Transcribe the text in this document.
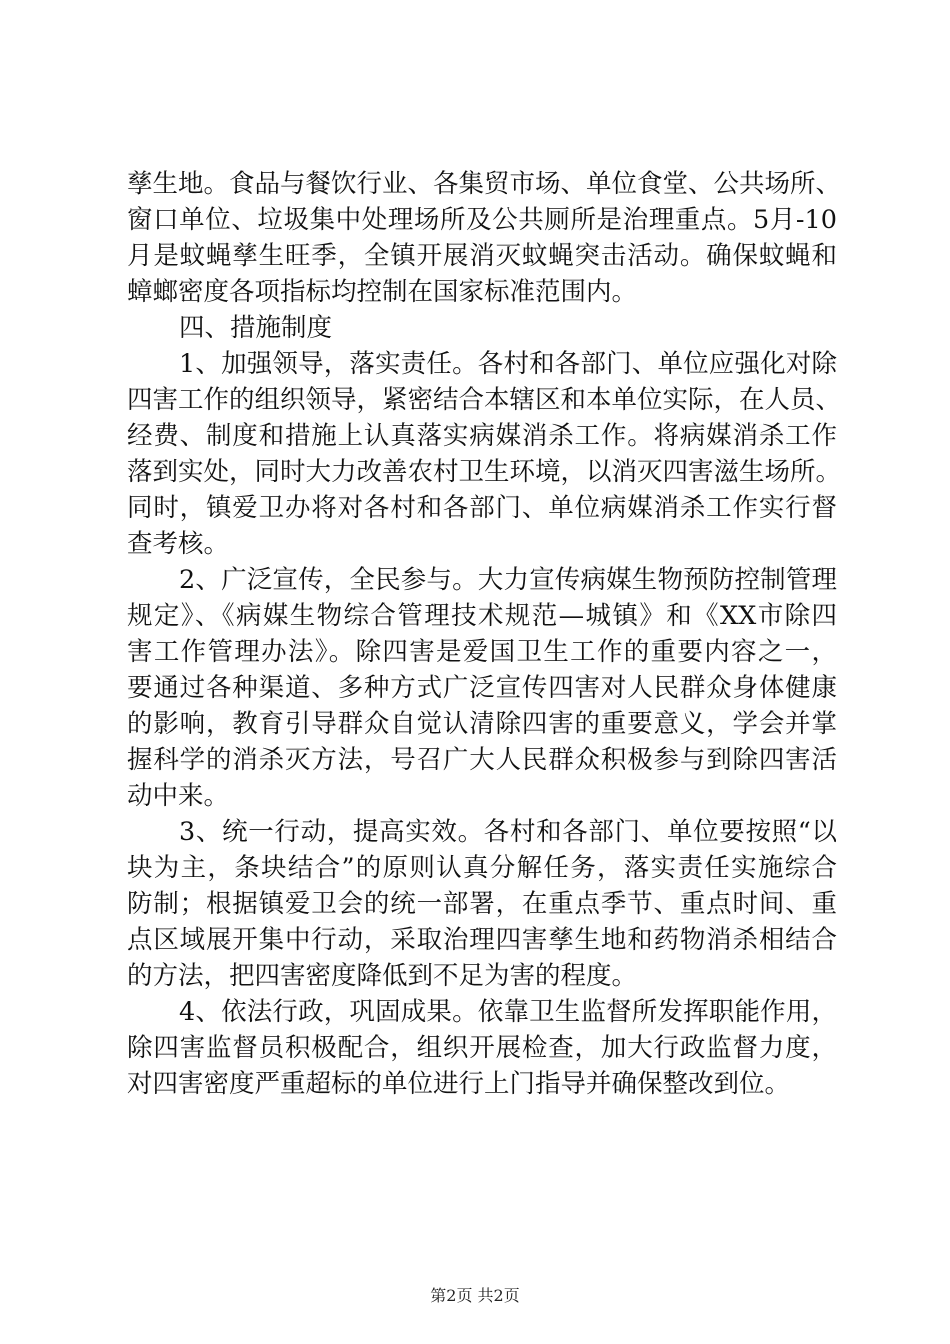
孳生地。食品与餐饮行业、各集贸市场、单位食堂、公共场所、
窗口单位、垃圾集中处理场所及公共厕所是治理重点。5月-10
月是蚊蝇孳生旺季，全镇开展消灭蚊蝇突击活动。确保蚊蝇和
蟑螂密度各项指标均控制在国家标准范围内。
四、措施制度
1、加强领导，落实责任。各村和各部门、单位应强化对除
四害工作的组织领导，紧密结合本辖区和本单位实际，在人员、
经费、制度和措施上认真落实病媒消杀工作。将病媒消杀工作
落到实处，同时大力改善农村卫生环境，以消灭四害滋生场所。
同时，镇爱卫办将对各村和各部门、单位病媒消杀工作实行督
查考核。
2、广泛宣传，全民参与。大力宣传病媒生物预防控制管理
规定》、《病媒生物综合管理技术规范—城镇》和《XX市除四
害工作管理办法》。除四害是爱国卫生工作的重要内容之一，
要通过各种渠道、多种方式广泛宣传四害对人民群众身体健康
的影响，教育引导群众自觉认清除四害的重要意义，学会并掌
握科学的消杀灭方法，号召广大人民群众积极参与到除四害活
动中来。
3、统一行动，提高实效。各村和各部门、单位要按照“以
块为主，条块结合”的原则认真分解任务，落实责任实施综合
防制；根据镇爱卫会的统一部署，在重点季节、重点时间、重
点区域展开集中行动，采取治理四害孳生地和药物消杀相结合
的方法，把四害密度降低到不足为害的程度。
4、依法行政，巩固成果。依靠卫生监督所发挥职能作用，
除四害监督员积极配合，组织开展检查，加大行政监督力度，
对四害密度严重超标的单位进行上门指导并确保整改到位。
第2页 共2页
